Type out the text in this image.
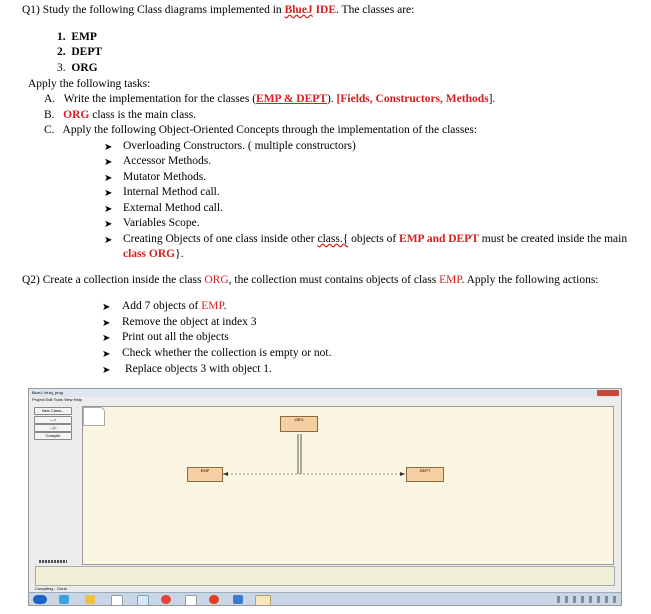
Q1) Study the following Class diagrams implemented in BlueJ IDE. The classes are:
1. EMP
2. DEPT
3. ORG
Apply the following tasks:
A. Write the implementation for the classes (EMP & DEPT). [Fields, Constructors, Methods].
B. ORG class is the main class.
C. Apply the following Object-Oriented Concepts through the implementation of the classes:
➤ Overloading Constructors. ( multiple constructors)
➤ Accessor Methods.
➤ Mutator Methods.
➤ Internal Method call.
➤ External Method call.
➤ Variables Scope.
➤ Creating Objects of one class inside other class.{ objects of EMP and DEPT must be created inside the main
class ORG}.
Q2) Create a collection inside the class ORG, the collection must contains objects of class EMP. Apply the following actions:
➤ Add 7 objects of EMP.
➤ Remove the object at index 3
➤ Print out all the objects
➤ Check whether the collection is empty or not.
➤ Replace objects 3 with object 1.
BlueJ: bluej_prog
Project Edit Tools View Help
New Class...
--->
---▷
Compile
ORG
EMP	DEPT
Compiling... Done.
